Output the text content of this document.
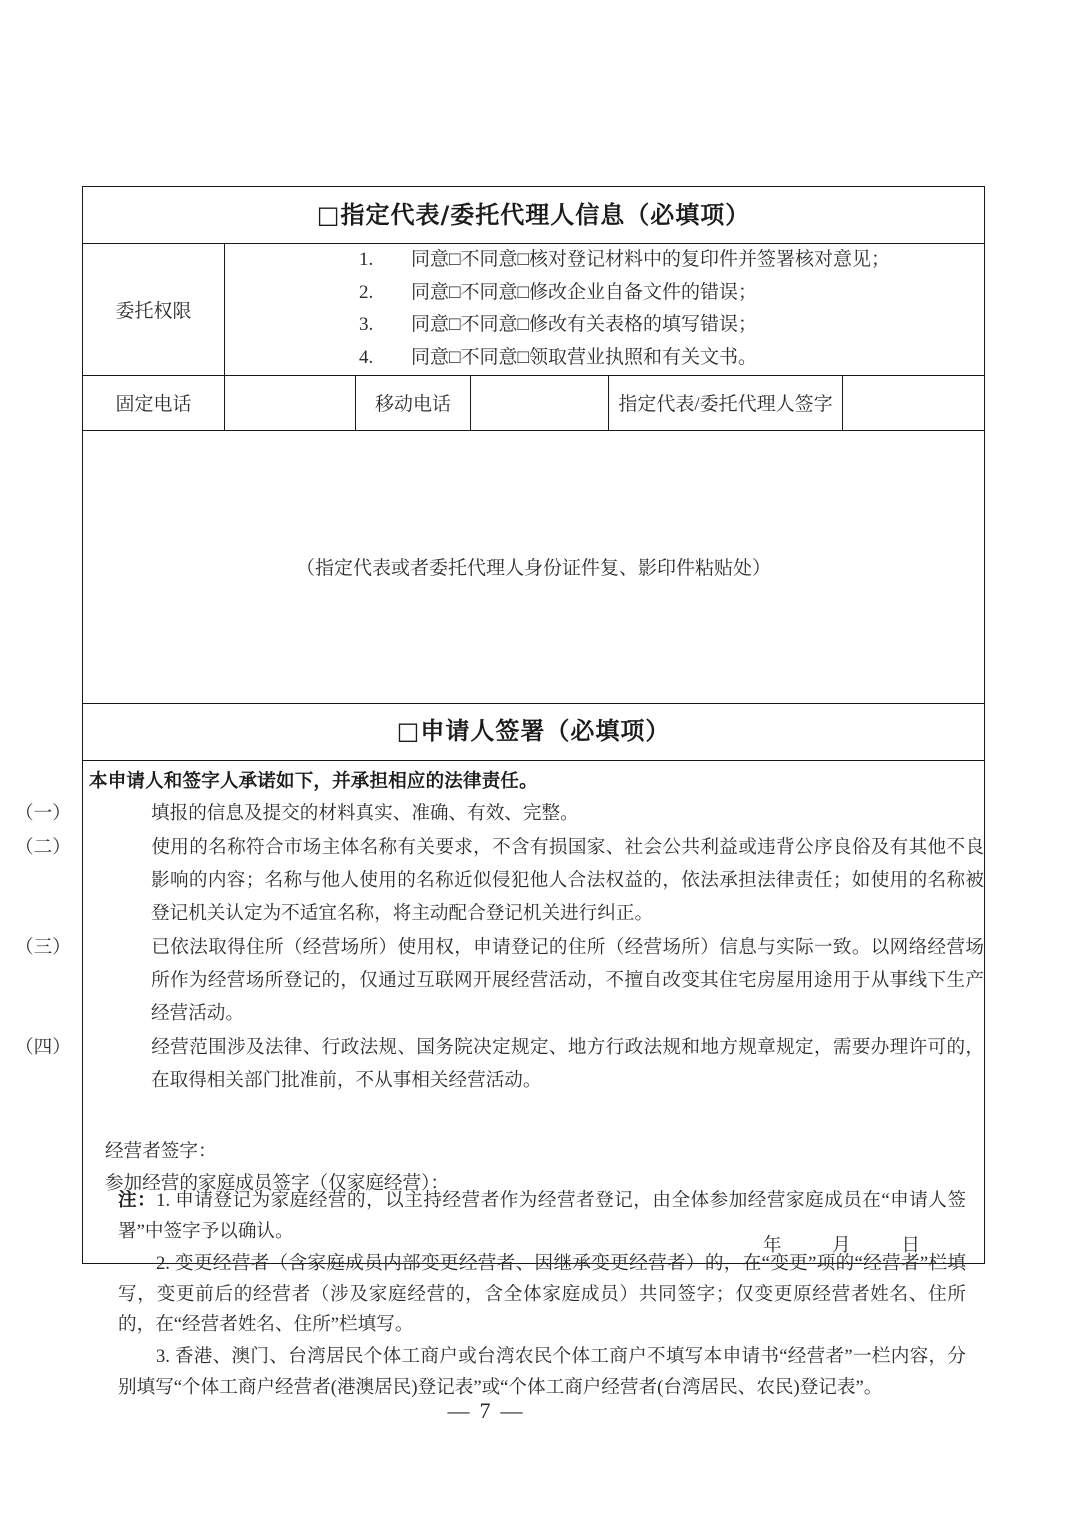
□指定代表/委托代理人信息（必填项）					

委托权限	
1. 同意□不同意□核对登记材料中的复印件并签署核对意见；
2. 同意□不同意□修改企业自备文件的错误；
3. 同意□不同意□修改有关表格的填写错误；
4. 同意□不同意□领取营业执照和有关文书。

固定电话		移动电话		指定代表/委托代理人签字	

（指定代表或者委托代理人身份证件复、影印件粘贴处）					

□申请人签署（必填项）					

本申请人和签字人承诺如下，并承担相应的法律责任。
（一）	填报的信息及提交的材料真实、准确、有效、完整。
（二）	使用的名称符合市场主体名称有关要求，不含有损国家、社会公共利益或违背公序良俗及有其他不良影响的内容；名称与他人使用的名称近似侵犯他人合法权益的，依法承担法律责任；如使用的名称被登记机关认定为不适宜名称，将主动配合登记机关进行纠正。
（三）	已依法取得住所（经营场所）使用权，申请登记的住所（经营场所）信息与实际一致。以网络经营场所作为经营场所登记的，仅通过互联网开展经营活动，不擅自改变其住宅房屋用途用于从事线下生产经营活动。
（四）	经营范围涉及法律、行政法规、国务院决定规定、地方行政法规和地方规章规定，需要办理许可的，在取得相关部门批准前，不从事相关经营活动。
经营者签字：
参加经营的家庭成员签字（仅家庭经营）：
年	月	日

注：1. 申请登记为家庭经营的，以主持经营者作为经营者登记，由全体参加经营家庭成员在“申请人签署”中签字予以确认。

2. 变更经营者（含家庭成员内部变更经营者、因继承变更经营者）的，在“变更”项的“经营者”栏填写，变更前后的经营者（涉及家庭经营的，含全体家庭成员）共同签字；仅变更原经营者姓名、住所的，在“经营者姓名、住所”栏填写。

3. 香港、澳门、台湾居民个体工商户或台湾农民个体工商户不填写本申请书“经营者”一栏内容，分别填写“个体工商户经营者(港澳居民)登记表”或“个体工商户经营者(台湾居民、农民)登记表”。

—7—
